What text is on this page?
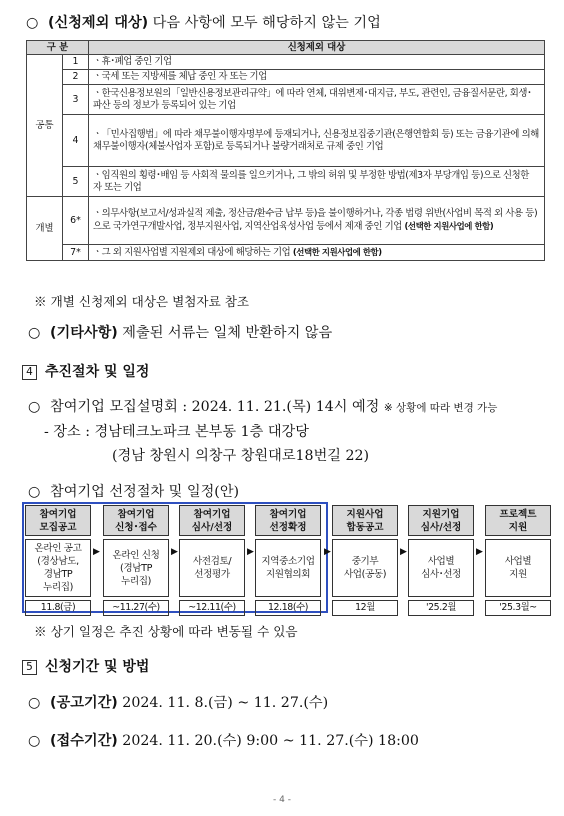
○ (신청제외 대상) 다음 사항에 모두 해당하지 않는 기업
구 분		신청제외 대상
공통	1	ㆍ휴･폐업 중인 기업
	2	ㆍ국세 또는 지방세를 체납 중인 자 또는 기업
	3	ㆍ한국신용정보원의「일반신용정보관리규약」에 따라 연체, 대위변제･대지급, 부도, 관련인, 금융질서문란, 회생･파산 등의 정보가 등록되어 있는 기업
	4	ㆍ「민사집행법」에 따라 채무불이행자명부에 등재되거나, 신용정보집중기관(은행연합회 등) 또는 금융기관에 의해 채무불이행자(체불사업자 포함)로 등록되거나 불량거래처로 규제 중인 기업
	5	ㆍ임직원의 횡령･배임 등 사회적 물의를 일으키거나, 그 밖의 허위 및 부정한 방법(제3자 부당개입 등)으로 신청한 자 또는 기업
개별	6*	ㆍ의무사항(보고서/성과실적 제출, 정산금/환수금 납부 등)을 불이행하거나, 각종 법령 위반(사업비 목적 외 사용 등)으로 국가연구개발사업, 정부지원사업, 지역산업육성사업 등에서 제재 중인 기업 (선택한 지원사업에 한함)
	7*	ㆍ그 외 지원사업별 지원제외 대상에 해당하는 기업 (선택한 지원사업에 한함)
※ 개별 신청제외 대상은 별첨자료 참조
○ (기타사항) 제출된 서류는 일체 반환하지 않음
4 추진절차 및 일정
○ 참여기업 모집설명회 : 2024. 11. 21.(목) 14시 예정 ※ 상황에 따라 변경 가능
- 장소 : 경남테크노파크 본부동 1층 대강당
(경남 창원시 의창구 창원대로18번길 22)
○ 참여기업 선정절차 및 일정(안)
참여기업
모집공고
온라인 공고
(경상남도,
경남TP
누리집)
11.8(금)
▶
참여기업
신청･접수
온라인 신청
(경남TP
누리집)
~11.27(수)
▶
참여기업
심사/선정
사전검토/
선정평가
~12.11(수)
▶
참여기업
선정확정
지역중소기업
지원협의회
12.18(수)
▶
지원사업
합동공고
중기부
사업(공동)
12월
▶
지원기업
심사/선정
사업별
심사･선정
'25.2월
▶
프로젝트
지원
사업별
지원
'25.3월~
※ 상기 일정은 추진 상황에 따라 변동될 수 있음
5 신청기간 및 방법
○ (공고기간) 2024. 11. 8.(금) ~ 11. 27.(수)
○ (접수기간) 2024. 11. 20.(수) 9:00 ~ 11. 27.(수) 18:00
- 4 -
